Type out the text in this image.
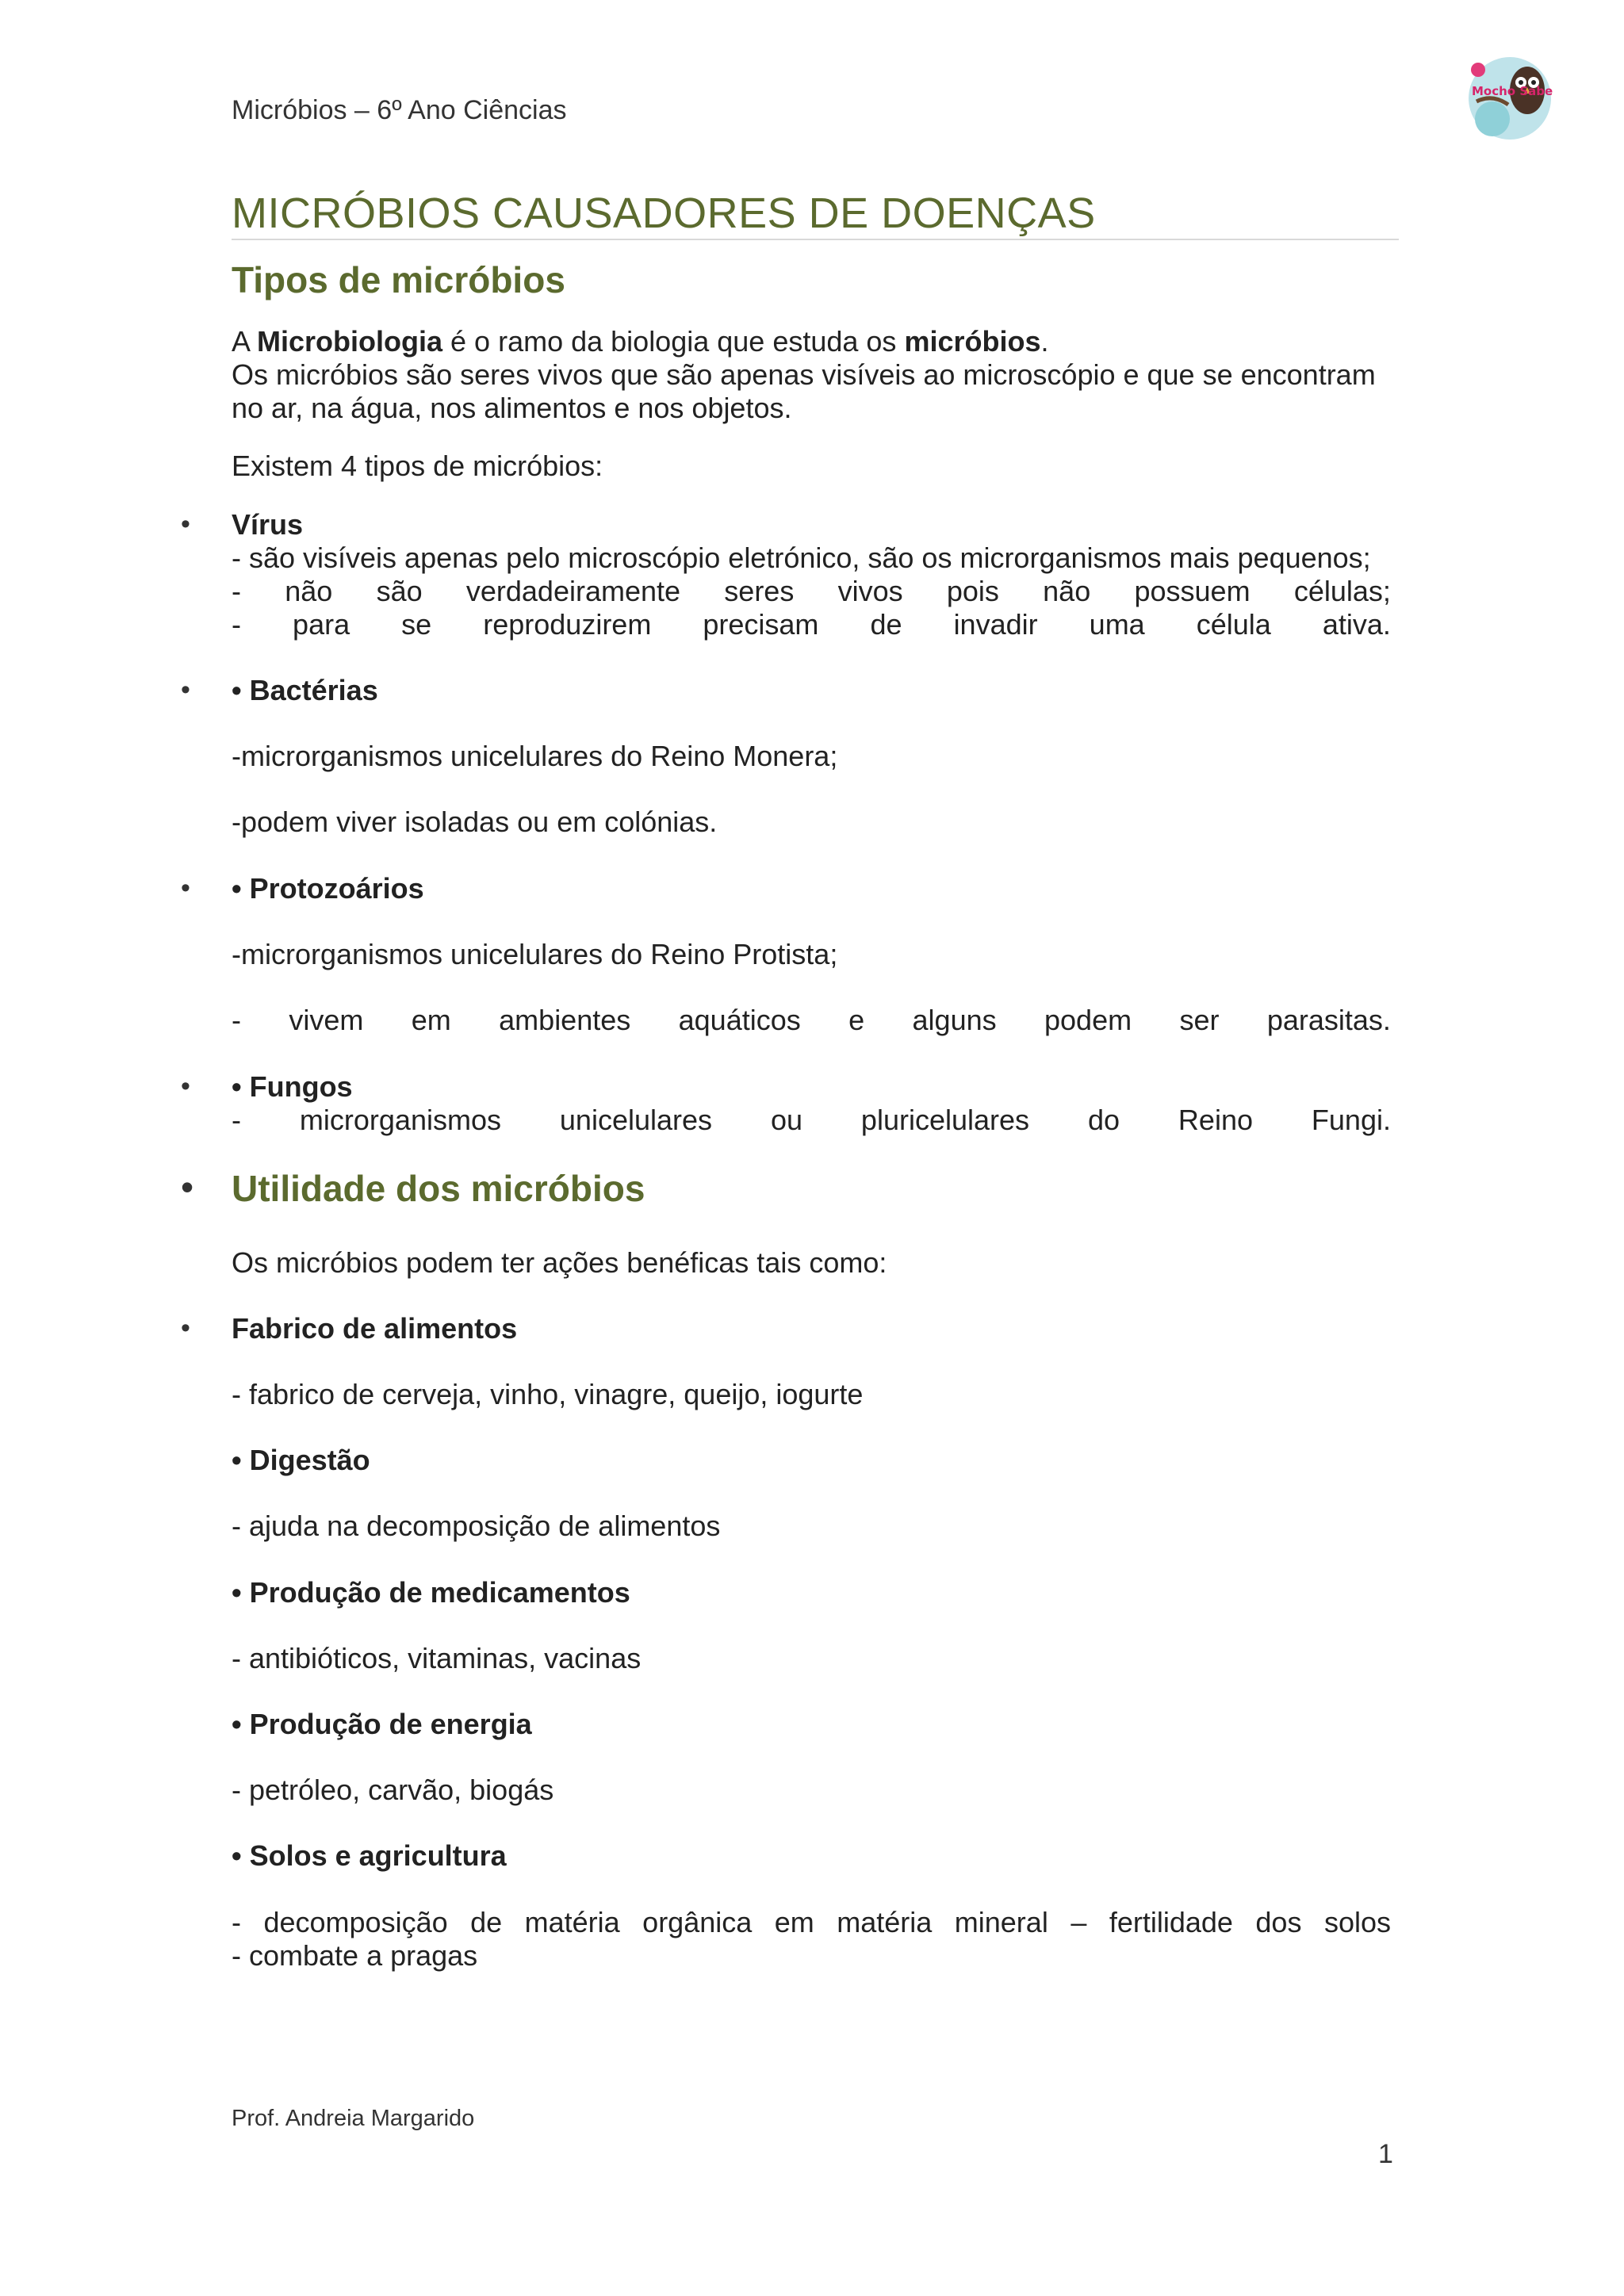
Micróbios – 6º Ano Ciências
Mocho Sabe
MICRÓBIOS CAUSADORES DE DOENÇAS
Tipos de micróbios
A Microbiologia é o ramo da biologia que estuda os micróbios.
Os micróbios são seres vivos que são apenas visíveis ao microscópio e que se encontram
no ar, na água, nos alimentos e nos objetos.
Existem 4 tipos de micróbios:
• Vírus
- são visíveis apenas pelo microscópio eletrónico, são os microrganismos mais pequenos;
- não são verdadeiramente seres vivos pois não possuem células;
- para se reproduzirem precisam de invadir uma célula ativa.
• • Bactérias
-microrganismos unicelulares do Reino Monera;
-podem viver isoladas ou em colónias.
• • Protozoários
-microrganismos unicelulares do Reino Protista;
- vivem em ambientes aquáticos e alguns podem ser parasitas.
• • Fungos
- microrganismos unicelulares ou pluricelulares do Reino Fungi.
• Utilidade dos micróbios
Os micróbios podem ter ações benéficas tais como:
• Fabrico de alimentos
- fabrico de cerveja, vinho, vinagre, queijo, iogurte
• Digestão
- ajuda na decomposição de alimentos
• Produção de medicamentos
- antibióticos, vitaminas, vacinas
• Produção de energia
- petróleo, carvão, biogás
• Solos e agricultura
- decomposição de matéria orgânica em matéria mineral – fertilidade dos solos
- combate a pragas
Prof. Andreia Margarido
1
